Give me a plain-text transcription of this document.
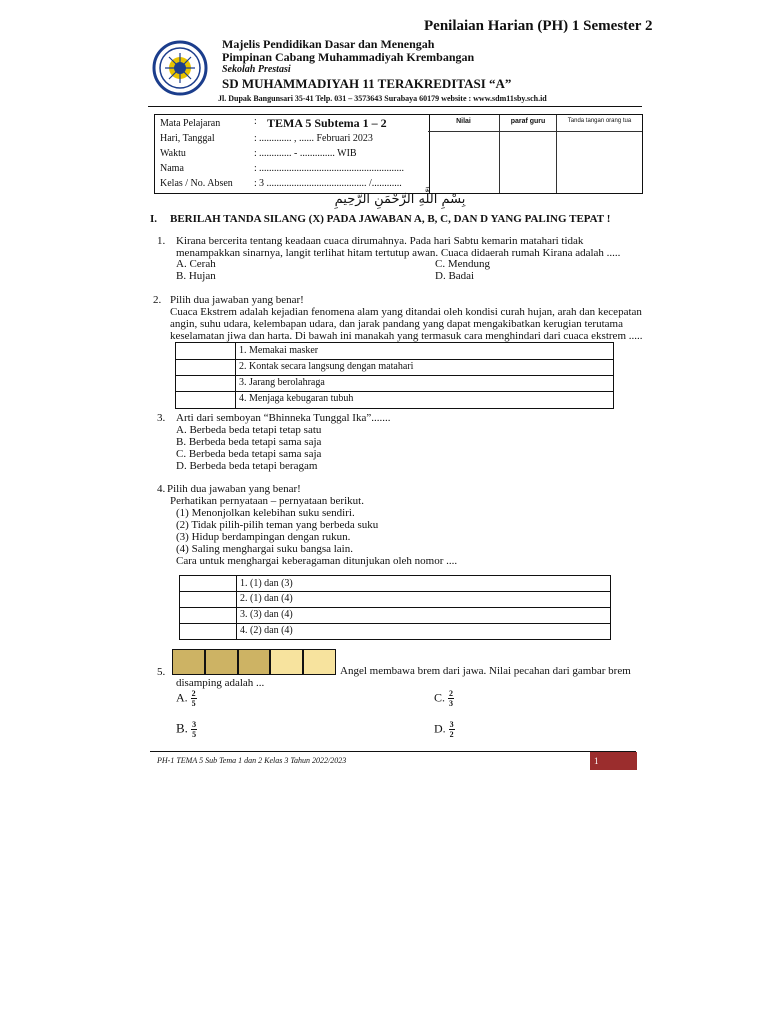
Penilaian Harian (PH) 1 Semester 2
Majelis Pendidikan Dasar dan Menengah
Pimpinan Cabang Muhammadiyah Krembangan
Sekolah Prestasi
SD MUHAMMADIYAH 11 TERAKREDITASI “A”
Jl. Dupak Bangunsari 35-41 Telp. 031 – 3573643 Surabaya 60179 website : www.sdm11sby.sch.id
Mata Pelajaran	: TEMA 5 Subtema 1 – 2
Hari, Tanggal	: ............. , ...... Februari 2023
Waktu	: ............. - .............. WIB
Nama	: ..........................................................
Kelas / No. Absen : 3 ........................................ /............
Nilai	paraf guru	Tanda tangan orang tua
بِسْمِ اللَّهِ الرَّحْمَنِ الرَّحِيمِ
I. BERILAH TANDA SILANG (X) PADA JAWABAN A, B, C, DAN D YANG PALING TEPAT !
1. Kirana bercerita tentang keadaan cuaca dirumahnya. Pada hari Sabtu kemarin matahari tidak
menampakkan sinarnya, langit terlihat hitam tertutup awan. Cuaca didaerah rumah Kirana adalah .....
A. Cerah
B. Hujan
C. Mendung
D. Badai
2. Pilih dua jawaban yang benar!
Cuaca Ekstrem adalah kejadian fenomena alam yang ditandai oleh kondisi curah hujan, arah dan kecepatan
angin, suhu udara, kelembapan udara, dan jarak pandang yang dapat mengakibatkan kerugian terutama
keselamatan jiwa dan harta. Di bawah ini manakah yang termasuk cara menghindari dari cuaca ekstrem .....
1. Memakai masker
2. Kontak secara langsung dengan matahari
3. Jarang berolahraga
4. Menjaga kebugaran tubuh
3. Arti dari semboyan “Bhinneka Tunggal Ika”.......
A. Berbeda beda tetapi tetap satu
B. Berbeda beda tetapi sama saja
C. Berbeda beda tetapi sama saja
D. Berbeda beda tetapi beragam
4. Pilih dua jawaban yang benar!
Perhatikan pernyataan – pernyataan berikut.
(1) Menonjolkan kelebihan suku sendiri.
(2) Tidak pilih-pilih teman yang berbeda suku
(3) Hidup berdampingan dengan rukun.
(4) Saling menghargai suku bangsa lain.
Cara untuk menghargai keberagaman ditunjukan oleh nomor ....
1. (1) dan (3)
2. (1) dan (4)
3. (3) dan (4)
4. (2) dan (4)
5.	Angel membawa brem dari jawa. Nilai pecahan dari gambar brem
disamping adalah ...
A. $\frac{2}{5}$	C. $\frac{2}{3}$
B. $\frac{3}{5}$	D. $\frac{3}{2}$
PH-1 TEMA 5 Sub Tema 1 dan 2 Kelas 3 Tahun 2022/2023	1
